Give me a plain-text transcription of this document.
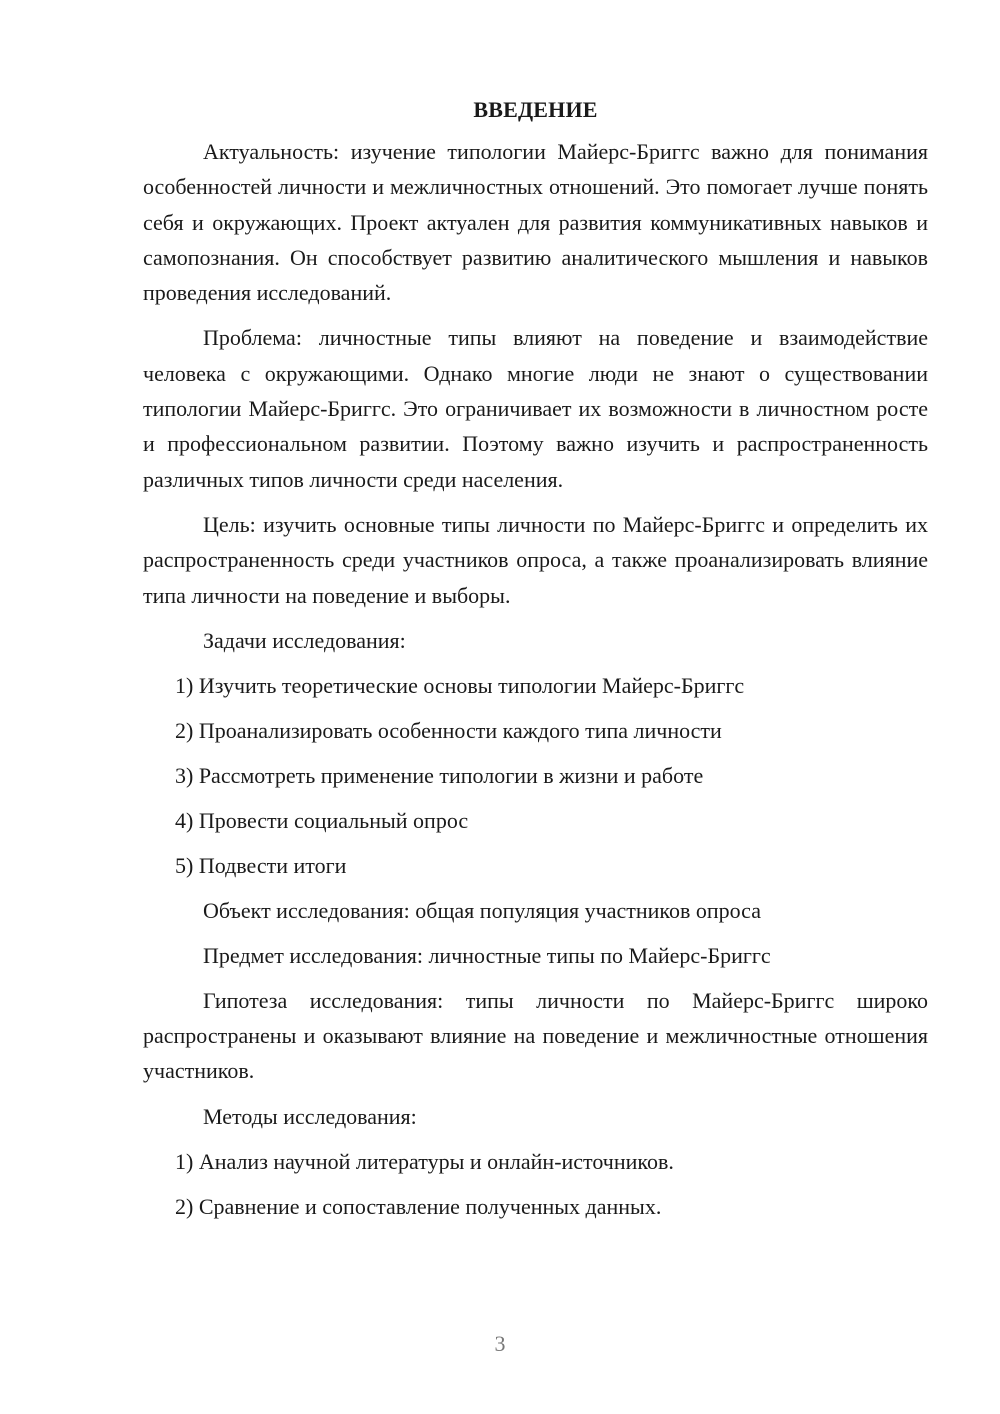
ВВЕДЕНИЕ

Актуальность: изучение типологии Майерс-Бриггс важно для понимания особенностей личности и межличностных отношений. Это помогает лучше понять себя и окружающих. Проект актуален для развития коммуникативных навыков и самопознания. Он способствует развитию аналитического мышления и навыков проведения исследований.

Проблема: личностные типы влияют на поведение и взаимодействие человека с окружающими. Однако многие люди не знают о существовании типологии Майерс-Бриггс. Это ограничивает их возможности в личностном росте и профессиональном развитии. Поэтому важно изучить и распространенность различных типов личности среди населения.

Цель: изучить основные типы личности по Майерс-Бриггс и определить их распространенность среди участников опроса, а также проанализировать влияние типа личности на поведение и выборы.

Задачи исследования:
1) Изучить теоретические основы типологии Майерс-Бриггс
2) Проанализировать особенности каждого типа личности
3) Рассмотреть применение типологии в жизни и работе
4) Провести социальный опрос
5) Подвести итоги
Объект исследования: общая популяция участников опроса
Предмет исследования: личностные типы по Майерс-Бриггс

Гипотеза исследования: типы личности по Майерс-Бриггс широко распространены и оказывают влияние на поведение и межличностные отношения участников.

Методы исследования:
1) Анализ научной литературы и онлайн-источников.
2) Сравнение и сопоставление полученных данных.
3
